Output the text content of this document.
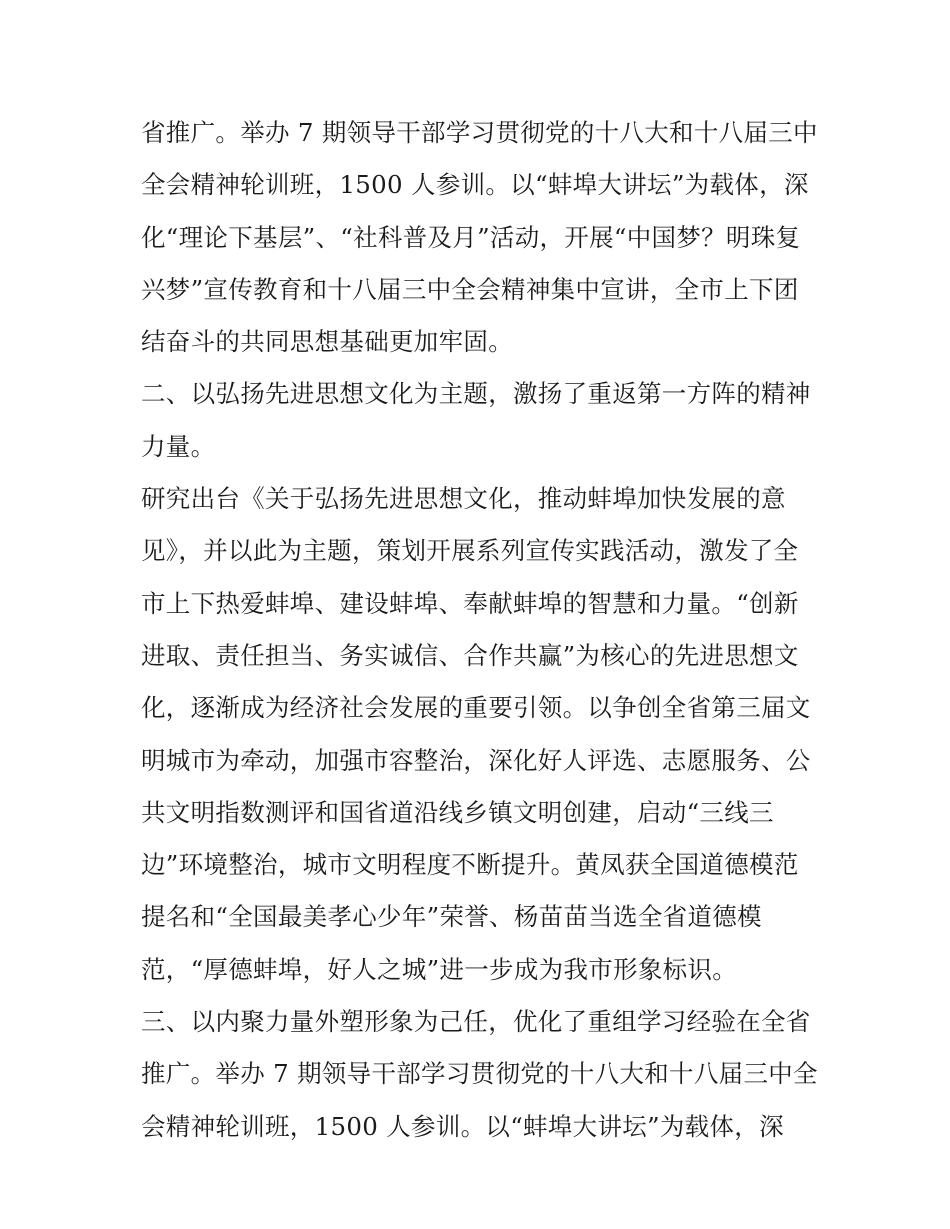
省推广。举办 7 期领导干部学习贯彻党的十八大和十八届三中
全会精神轮训班，1500 人参训。以“蚌埠大讲坛”为载体，深
化“理论下基层”、“社科普及月”活动，开展“中国梦？明珠复
兴梦”宣传教育和十八届三中全会精神集中宣讲，全市上下团
结奋斗的共同思想基础更加牢固。
二、以弘扬先进思想文化为主题，激扬了重返第一方阵的精神
力量。
研究出台《关于弘扬先进思想文化，推动蚌埠加快发展的意
见》，并以此为主题，策划开展系列宣传实践活动，激发了全
市上下热爱蚌埠、建设蚌埠、奉献蚌埠的智慧和力量。“创新
进取、责任担当、务实诚信、合作共赢”为核心的先进思想文
化，逐渐成为经济社会发展的重要引领。以争创全省第三届文
明城市为牵动，加强市容整治，深化好人评选、志愿服务、公
共文明指数测评和国省道沿线乡镇文明创建，启动“三线三
边”环境整治，城市文明程度不断提升。黄凤获全国道德模范
提名和“全国最美孝心少年”荣誉、杨苗苗当选全省道德模
范，“厚德蚌埠，好人之城”进一步成为我市形象标识。
三、以内聚力量外塑形象为己任，优化了重组学习经验在全省
推广。举办 7 期领导干部学习贯彻党的十八大和十八届三中全
会精神轮训班，1500 人参训。以“蚌埠大讲坛”为载体，深
